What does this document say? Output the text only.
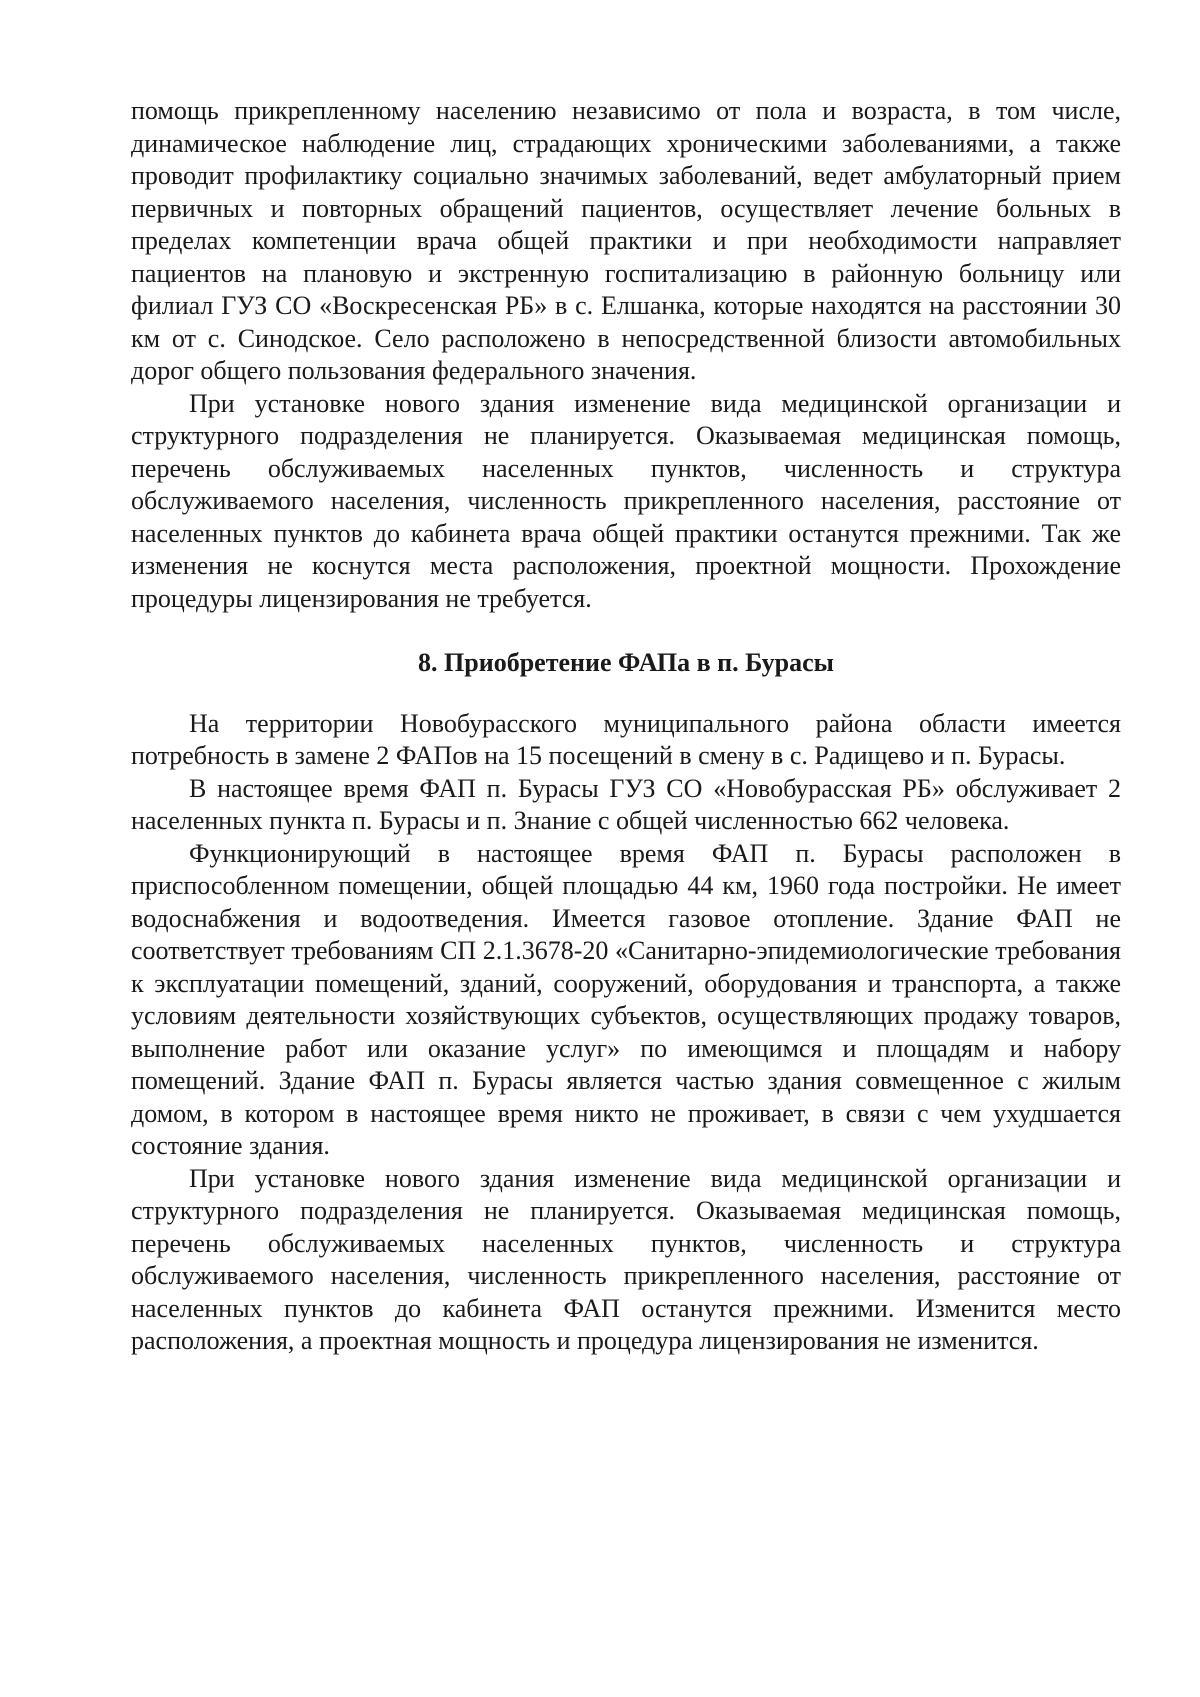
помощь прикрепленному населению независимо от пола и возраста, в том числе, динамическое наблюдение лиц, страдающих хроническими заболеваниями, а также проводит профилактику социально значимых заболеваний, ведет амбулаторный прием первичных и повторных обращений пациентов, осуществляет лечение больных в пределах компетенции врача общей практики и при необходимости направляет пациентов на плановую и экстренную госпитализацию в районную больницу или филиал ГУЗ СО «Воскресенская РБ» в с. Елшанка, которые находятся на расстоянии 30 км от с. Синодское. Село расположено в непосредственной близости автомобильных дорог общего пользования федерального значения.

При установке нового здания изменение вида медицинской организации и структурного подразделения не планируется. Оказываемая медицинская помощь, перечень обслуживаемых населенных пунктов, численность и структура обслуживаемого населения, численность прикрепленного населения, расстояние от населенных пунктов до кабинета врача общей практики останутся прежними. Так же изменения не коснутся места расположения, проектной мощности. Прохождение процедуры лицензирования не требуется.

8. Приобретение ФАПа в п. Бурасы

На территории Новобурасского муниципального района области имеется потребность в замене 2 ФАПов на 15 посещений в смену в с. Радищево и п. Бурасы.

В настоящее время ФАП п. Бурасы ГУЗ СО «Новобурасская РБ» обслуживает 2 населенных пункта п. Бурасы и п. Знание с общей численностью 662 человека.

Функционирующий в настоящее время ФАП п. Бурасы расположен в приспособленном помещении, общей площадью 44 км, 1960 года постройки. Не имеет водоснабжения и водоотведения. Имеется газовое отопление. Здание ФАП не соответствует требованиям СП 2.1.3678-20 «Санитарно-эпидемиологические требования к эксплуатации помещений, зданий, сооружений, оборудования и транспорта, а также условиям деятельности хозяйствующих субъектов, осуществляющих продажу товаров, выполнение работ или оказание услуг» по имеющимся и площадям и набору помещений. Здание ФАП п. Бурасы является частью здания совмещенное с жилым домом, в котором в настоящее время никто не проживает, в связи с чем ухудшается состояние здания.

При установке нового здания изменение вида медицинской организации и структурного подразделения не планируется. Оказываемая медицинская помощь, перечень обслуживаемых населенных пунктов, численность и структура обслуживаемого населения, численность прикрепленного населения, расстояние от населенных пунктов до кабинета ФАП останутся прежними. Изменится место расположения, а проектная мощность и процедура лицензирования не изменится.
